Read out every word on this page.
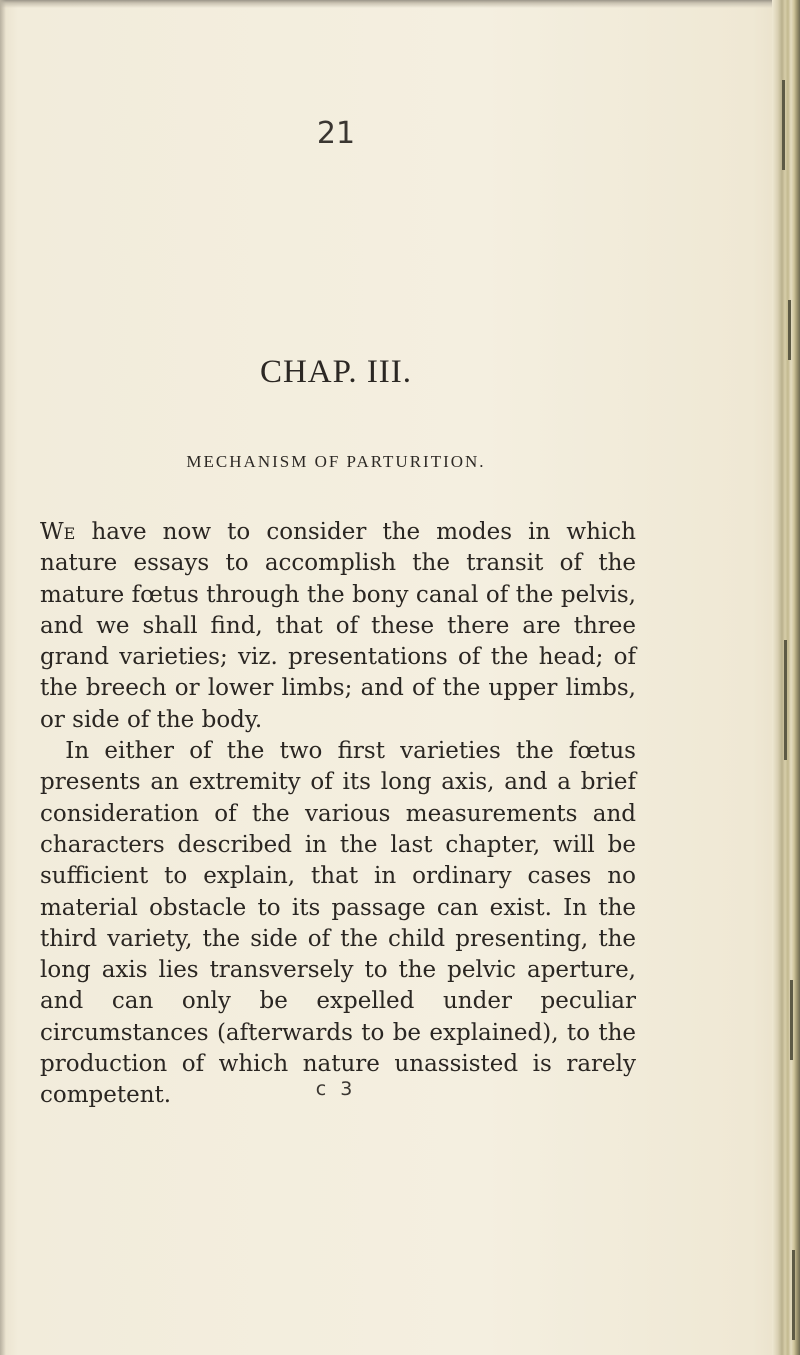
21
CHAP. III.
MECHANISM OF PARTURITION.

We have now to consider the modes in which nature essays to accomplish the transit of the mature fœtus through the bony canal of the pelvis, and we shall find, that of these there are three grand varieties; viz. presentations of the head; of the breech or lower limbs; and of the upper limbs, or side of the body.

In either of the two first varieties the fœtus presents an extremity of its long axis, and a brief consideration of the various measurements and characters described in the last chapter, will be sufficient to explain, that in ordinary cases no material obstacle to its passage can exist. In the third variety, the side of the child presenting, the long axis lies transversely to the pelvic aperture, and can only be expelled under peculiar circumstances (afterwards to be explained), to the production of which nature unassisted is rarely competent.	c 3
